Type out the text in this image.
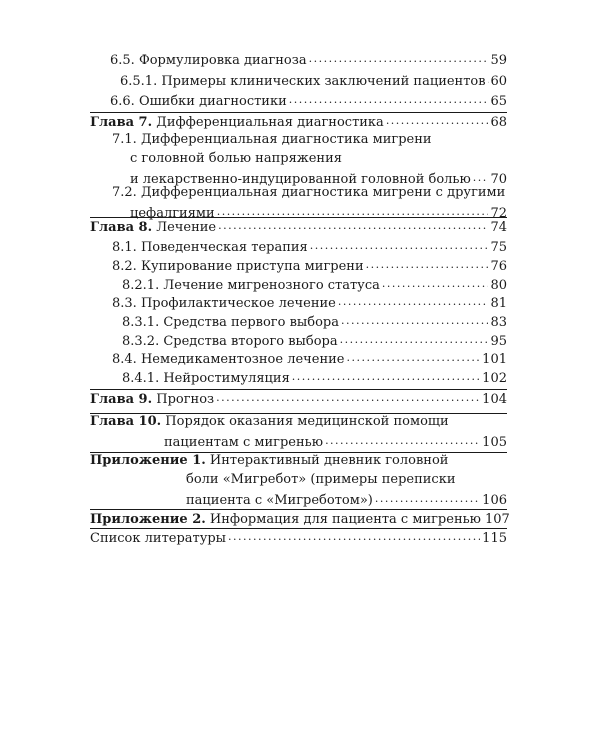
6.5. Формулировка диагноза . . .	59
6.5.1. Примеры клинических заключений пациентов . . . 60
6.6. Ошибки диагностики . . .	65
Глава 7. Дифференциальная диагностика . . .	68
7.1. Дифференциальная диагностика мигрени
с головной болью напряжения
и лекарственно-индуцированной головной болью . . . 70
7.2. Дифференциальная диагностика мигрени с другими
цефалгиями . . .	72
Глава 8. Лечение . . .	74
8.1. Поведенческая терапия . . .	75
8.2. Купирование приступа мигрени . . .	76
8.2.1. Лечение мигренозного статуса . . .	80
8.3. Профилактическое лечение . . .	81
8.3.1. Средства первого выбора . . .	83
8.3.2. Средства второго выбора . . .	95
8.4. Немедикаментозное лечение . . .	101
8.4.1. Нейростимуляция . . .	102
Глава 9. Прогноз . . .	104
Глава 10. Порядок оказания медицинской помощи
пациентам с мигренью . . .	105
Приложение 1. Интерактивный дневник головной
боли «Мигребот» (примеры переписки
пациента с «Мигреботом») . . .	106
Приложение 2. Информация для пациента с мигренью 107
Список литературы . . .	115
